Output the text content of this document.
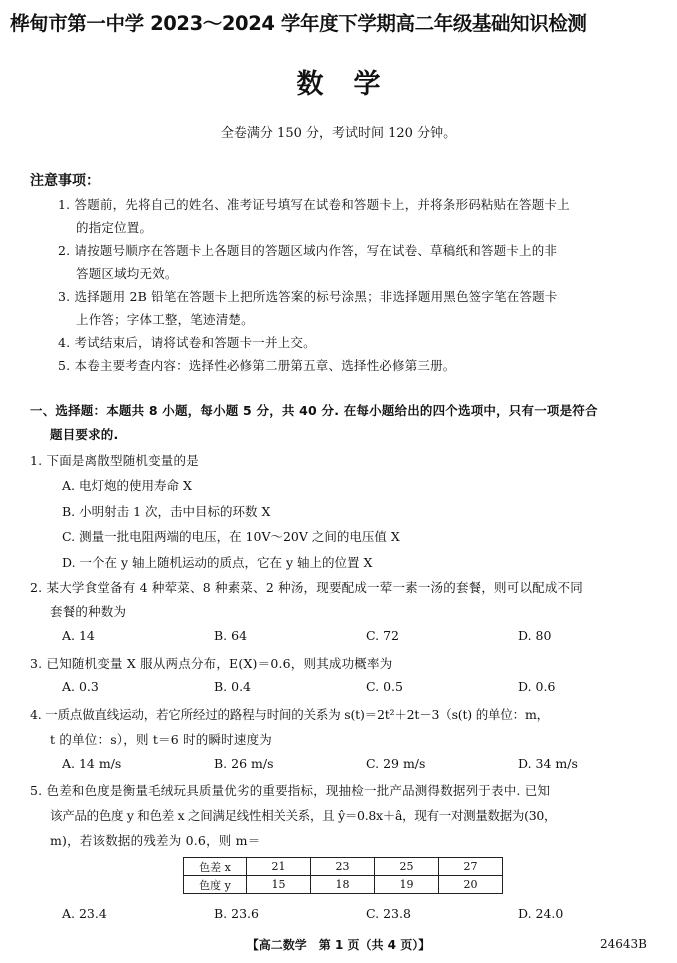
桦甸市第一中学 2023～2024 学年度下学期高二年级基础知识检测
数学
全卷满分 150 分，考试时间 120 分钟。
注意事项：
1. 答题前，先将自己的姓名、准考证号填写在试卷和答题卡上，并将条形码粘贴在答题卡上
的指定位置。
2. 请按题号顺序在答题卡上各题目的答题区域内作答，写在试卷、草稿纸和答题卡上的非
答题区域均无效。
3. 选择题用 2B 铅笔在答题卡上把所选答案的标号涂黑；非选择题用黑色签字笔在答题卡
上作答；字体工整，笔迹清楚。
4. 考试结束后，请将试卷和答题卡一并上交。
5. 本卷主要考查内容：选择性必修第二册第五章、选择性必修第三册。
一、选择题：本题共 8 小题，每小题 5 分，共 40 分. 在每小题给出的四个选项中，只有一项是符合
题目要求的.
1. 下面是离散型随机变量的是
A. 电灯炮的使用寿命 X
B. 小明射击 1 次，击中目标的环数 X
C. 测量一批电阻两端的电压，在 10V～20V 之间的电压值 X
D. 一个在 y 轴上随机运动的质点，它在 y 轴上的位置 X
2. 某大学食堂备有 4 种荤菜、8 种素菜、2 种汤，现要配成一荤一素一汤的套餐，则可以配成不同
套餐的种数为
A. 14	B. 64	C. 72	D. 80
3. 已知随机变量 X 服从两点分布，E(X)＝0.6，则其成功概率为
A. 0.3	B. 0.4	C. 0.5	D. 0.6
4. 一质点做直线运动，若它所经过的路程与时间的关系为 s(t)＝2t²＋2t－3（s(t) 的单位：m，
t 的单位：s），则 t＝6 时的瞬时速度为
A. 14 m/s	B. 26 m/s	C. 29 m/s	D. 34 m/s
5. 色差和色度是衡量毛绒玩具质量优劣的重要指标，现抽检一批产品测得数据列于表中. 已知
该产品的色度 y 和色差 x 之间满足线性相关关系，且 ŷ＝0.8x＋â，现有一对测量数据为(30，
m)，若该数据的残差为 0.6，则 m＝
色差 x	21	23	25	27
色度 y	15	18	19	20
A. 23.4	B. 23.6	C. 23.8	D. 24.0
【高二数学　第 1 页（共 4 页）】	24643B
